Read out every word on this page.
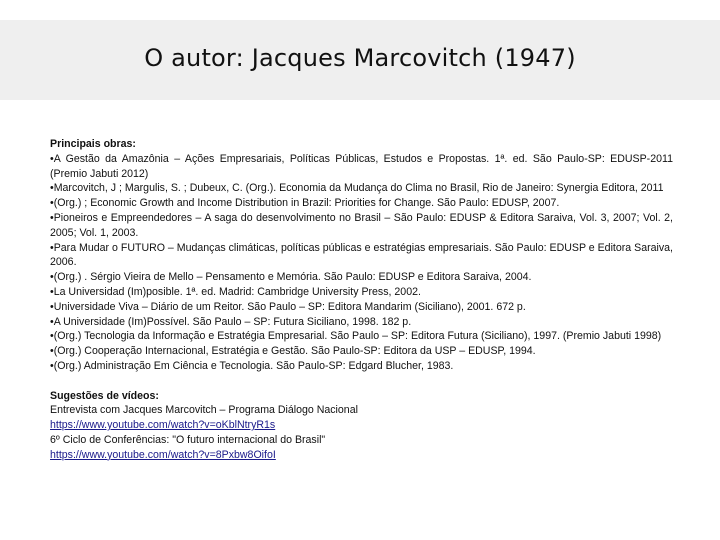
O autor: Jacques Marcovitch (1947)
Principais obras:
•A Gestão da Amazônia – Ações Empresariais, Políticas Públicas, Estudos e Propostas. 1ª. ed. São Paulo-SP: EDUSP-2011 (Premio Jabuti 2012)
•Marcovitch, J ; Margulis, S. ; Dubeux, C. (Org.). Economia da Mudança do Clima no Brasil, Rio de Janeiro: Synergia Editora, 2011
•(Org.) ; Economic Growth and Income Distribution in Brazil: Priorities for Change. São Paulo: EDUSP, 2007.
•Pioneiros e Empreendedores – A saga do desenvolvimento no Brasil – São Paulo: EDUSP & Editora Saraiva, Vol. 3, 2007; Vol. 2, 2005; Vol. 1, 2003.
•Para Mudar o FUTURO – Mudanças climáticas, políticas públicas e estratégias empresariais. São Paulo: EDUSP e Editora Saraiva, 2006.
•(Org.) . Sérgio Vieira de Mello – Pensamento e Memória. São Paulo: EDUSP e Editora Saraiva, 2004.
•La Universidad (Im)posible. 1ª. ed. Madrid: Cambridge University Press, 2002.
•Universidade Viva – Diário de um Reitor. São Paulo – SP: Editora Mandarim (Siciliano), 2001. 672 p.
•A Universidade (Im)Possível. São Paulo – SP: Futura Siciliano, 1998. 182 p.
•(Org.) Tecnologia da Informação e Estratégia Empresarial. São Paulo – SP: Editora Futura (Siciliano), 1997. (Premio Jabuti 1998)
•(Org.) Cooperação Internacional, Estratégia e Gestão. São Paulo-SP: Editora da USP – EDUSP, 1994.
•(Org.) Administração Em Ciência e Tecnologia. São Paulo-SP: Edgard Blucher, 1983.
Sugestões de vídeos:
Entrevista com Jacques Marcovitch – Programa Diálogo Nacional
https://www.youtube.com/watch?v=oKblNtryR1s
6º Ciclo de Conferências: "O futuro internacional do Brasil"
https://www.youtube.com/watch?v=8Pxbw8OifoI
